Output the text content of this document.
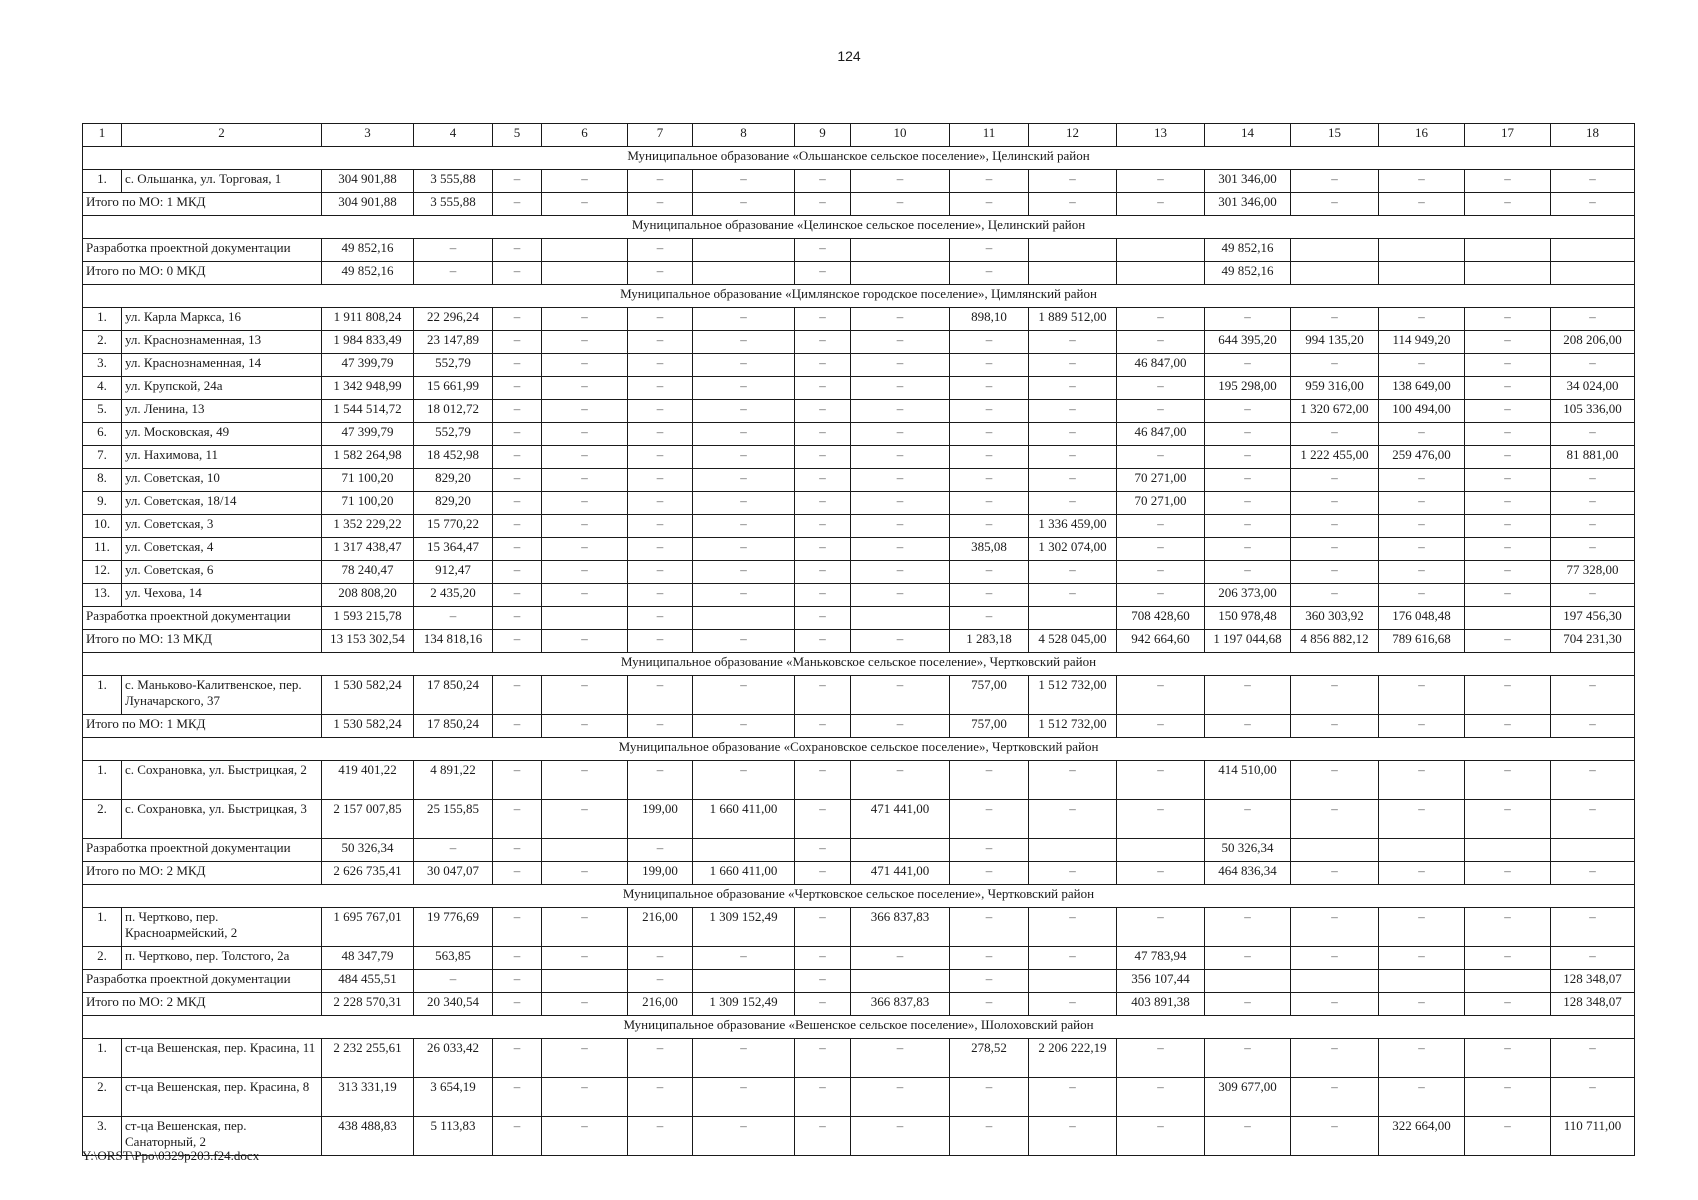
124
1	2	3	4	5	6	7	8	9	10	11	12	13	14	15	16	17	18
Муниципальное образование «Ольшанское сельское поселение», Целинский район																	
1.	с. Ольшанка, ул. Торговая, 1	304 901,88	3 555,88	–	–	–	–	–	–	–	–	–	301 346,00	–	–	–	–
Итого по МО: 1 МКД		304 901,88	3 555,88	–	–	–	–	–	–	–	–	–	301 346,00	–	–	–	–
Муниципальное образование «Целинское сельское поселение», Целинский район																	
Разработка проектной документации		49 852,16	–	–		–		–		–			49 852,16				
Итого по МО: 0 МКД		49 852,16	–	–		–		–		–			49 852,16				
Муниципальное образование «Цимлянское городское поселение», Цимлянский район																	
1.	ул. Карла Маркса, 16	1 911 808,24	22 296,24	–	–	–	–	–	–	898,10	1 889 512,00	–	–	–	–	–	–
2.	ул. Краснознаменная, 13	1 984 833,49	23 147,89	–	–	–	–	–	–	–	–	–	644 395,20	994 135,20	114 949,20	–	208 206,00
3.	ул. Краснознаменная, 14	47 399,79	552,79	–	–	–	–	–	–	–	–	46 847,00	–	–	–	–	–
4.	ул. Крупской, 24а	1 342 948,99	15 661,99	–	–	–	–	–	–	–	–	–	195 298,00	959 316,00	138 649,00	–	34 024,00
5.	ул. Ленина, 13	1 544 514,72	18 012,72	–	–	–	–	–	–	–	–	–	–	1 320 672,00	100 494,00	–	105 336,00
6.	ул. Московская, 49	47 399,79	552,79	–	–	–	–	–	–	–	–	46 847,00	–	–	–	–	–
7.	ул. Нахимова, 11	1 582 264,98	18 452,98	–	–	–	–	–	–	–	–	–	–	1 222 455,00	259 476,00	–	81 881,00
8.	ул. Советская, 10	71 100,20	829,20	–	–	–	–	–	–	–	–	70 271,00	–	–	–	–	–
9.	ул. Советская, 18/14	71 100,20	829,20	–	–	–	–	–	–	–	–	70 271,00	–	–	–	–	–
10.	ул. Советская, 3	1 352 229,22	15 770,22	–	–	–	–	–	–	–	1 336 459,00	–	–	–	–	–	–
11.	ул. Советская, 4	1 317 438,47	15 364,47	–	–	–	–	–	–	385,08	1 302 074,00	–	–	–	–	–	–
12.	ул. Советская, 6	78 240,47	912,47	–	–	–	–	–	–	–	–	–	–	–	–	–	77 328,00
13.	ул. Чехова, 14	208 808,20	2 435,20	–	–	–	–	–	–	–	–	–	206 373,00	–	–	–	–
Разработка проектной документации		1 593 215,78	–	–		–		–		–		708 428,60	150 978,48	360 303,92	176 048,48		197 456,30
Итого по МО: 13 МКД		13 153 302,54	134 818,16	–	–	–	–	–	–	1 283,18	4 528 045,00	942 664,60	1 197 044,68	4 856 882,12	789 616,68	–	704 231,30
Муниципальное образование «Маньковское сельское поселение», Чертковский район																	
1.	с. Маньково-Калитвенское, пер. Луначарского, 37	1 530 582,24	17 850,24	–	–	–	–	–	–	757,00	1 512 732,00	–	–	–	–	–	–
Итого по МО: 1 МКД		1 530 582,24	17 850,24	–	–	–	–	–	–	757,00	1 512 732,00	–	–	–	–	–	–
Муниципальное образование «Сохрановское сельское поселение», Чертковский район																	
1.	с. Сохрановка, ул. Быстрицкая, 2	419 401,22	4 891,22	–	–	–	–	–	–	–	–	–	414 510,00	–	–	–	–
2.	с. Сохрановка, ул. Быстрицкая, 3	2 157 007,85	25 155,85	–	–	199,00	1 660 411,00	–	471 441,00	–	–	–	–	–	–	–	–
Разработка проектной документации		50 326,34	–	–		–		–		–			50 326,34				
Итого по МО: 2 МКД		2 626 735,41	30 047,07	–	–	199,00	1 660 411,00	–	471 441,00	–	–	–	464 836,34	–	–	–	–
Муниципальное образование «Чертковское сельское поселение», Чертковский район																	
1.	п. Чертково, пер. Красноармейский, 2	1 695 767,01	19 776,69	–	–	216,00	1 309 152,49	–	366 837,83	–	–	–	–	–	–	–	–
2.	п. Чертково, пер. Толстого, 2а	48 347,79	563,85	–	–	–	–	–	–	–	–	47 783,94	–	–	–	–	–
Разработка проектной документации		484 455,51	–	–		–		–		–		356 107,44					128 348,07
Итого по МО: 2 МКД		2 228 570,31	20 340,54	–	–	216,00	1 309 152,49	–	366 837,83	–	–	403 891,38	–	–	–	–	128 348,07
Муниципальное образование «Вешенское сельское поселение», Шолоховский район																	
1.	ст-ца Вешенская, пер. Красина, 11	2 232 255,61	26 033,42	–	–	–	–	–	–	278,52	2 206 222,19	–	–	–	–	–	–
2.	ст-ца Вешенская, пер. Красина, 8	313 331,19	3 654,19	–	–	–	–	–	–	–	–	–	309 677,00	–	–	–	–
3.	ст-ца Вешенская, пер. Санаторный, 2	438 488,83	5 113,83	–	–	–	–	–	–	–	–	–	–	–	322 664,00	–	110 711,00
Y:\ORST\Ppo\0329p203.f24.docx
